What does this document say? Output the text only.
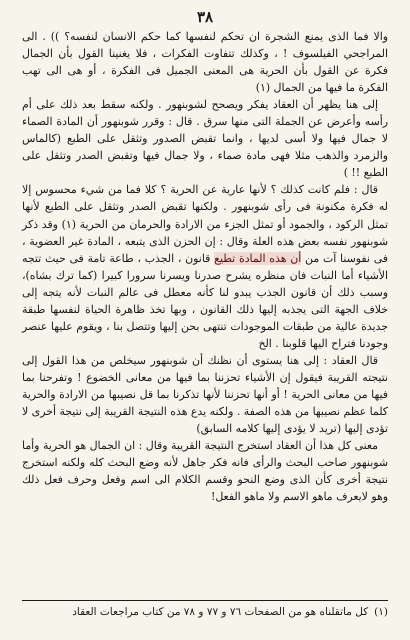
٣٨

والا فما الذى يمنع الشجرة ان تحكم لنفسها كما حكم الانسان لنفسه؟ )) . الى المراجحي الفيلسوف ! ، وكذلك تتفاوت الفكرات ، فلا يغنينا القول بأن الجمال فكرة عن القول بأن الحرية هى المعنى الجميل فى الفكرة ، أو هى الى تهب الفكرة ما فيها من الجمال (١)

إلى هنا يظهر أن العقاد يفكر ويصحح لشوبنهور . ولكنه سقط بعد ذلك على أم رأسه وأعرض عن الجملة التى منها سرق . قال : وقرر شوبنهور أن المادة الصماء لا جمال فيها ولا أسى لديها ، وانما تقبض الصدور وتثقل على الطبع (كالماس والزمرد والذهب مثلا فهى مادة صماء ، ولا جمال فيها وتقبض الصدر وتثقل على الطبع !! )

قال : فلم كانت كذلك ؟ لأنها عارية عن الحرية ؟ كلا فما من شيء محسوس إلا له فكرة مكنونة فى رأى شوبنهور . ولكنها تقبض الصدر وتثقل على الطبع لأنها تمثل الركود ، والجمود أو تمثل الجزء من الارادة والحرمان من الحرية (١) وقد ذكر شوبنهور نفسه بعض هذه العلة وقال : إن الحزن الذى يتبعه ، المادة غير العضوية ، فى نفوسنا آت من أن هذه المادة تطيع قانون ، الجذب ، طاعة تامة فى حيث تتجه الأشياء أما النبات فان منظره يشرح صدرنا ويسرنا سرورا كبيرا (كما ترك بشاه)، وسبب ذلك أن قانون الجذب يبدو لنا كأنه معطل فى عالم النبات لأنه يتجه إلى خلاف الجهة التى يجذبه إليها ذلك القانون ، وبها تخذ ظاهرة الحياة لنفسها طبقة جديدة عالية من طبقات الموجودات تنتهى بحن إليها وتتصل بنا ، ويقوم عليها عنصر وجودنا فتراح اليها قلوبنا . الخ

قال العقاد : إلى هنا يستوى أن نظنك أن شوبنهور سيخلص من هذا القول إلى نتيجته القريبة فيقول إن الأشياء تحزننا بما فيها من معانى الخضوع ! وتفرحنا بما فيها من معانى الحرية ! أو أنها تحزننا لأنها تذكرنا بما قل نصيبها من الارادة والحرية كلما عظم نصيبها من هذه الصفة . ولكنه يدع هذه النتيجة القريبة إلى نتيجة أخرى لا تؤدى إليها (تريد لا يؤدى إليها كلامه السابق)

معنى كل هذا أن العقاد استخرج النتيجة القريبة وقال : ان الجمال هو الحرية وأما شوبنهور صاحب البحث والرأى فانه فكر جاهل لأنه وضع البحث كله ولكنه استخرج نتيجة أخرى كأن الذى وضع النحو وقسم الكلام الى اسم وفعل وحرف فعل ذلك وهو لايعرف ماهو الاسم ولا ماهو الفعل!

(١)كل ماتقلناه هو من الصفحات ٧٦ و ٧٧ و ٧٨ من كتاب مراجعات العقاد
